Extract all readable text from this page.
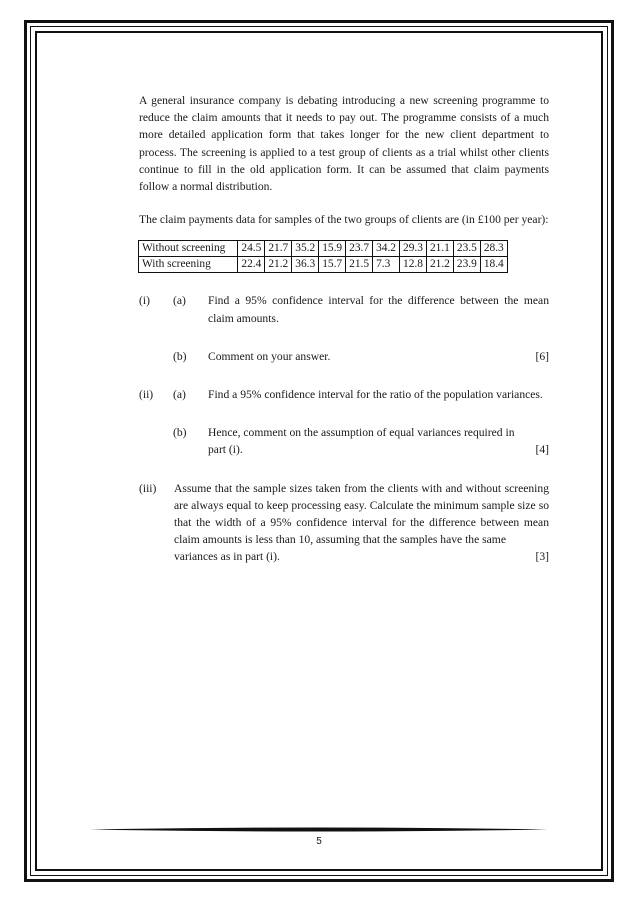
A general insurance company is debating introducing a new screening programme to reduce the claim amounts that it needs to pay out. The programme consists of a much more detailed application form that takes longer for the new client department to process. The screening is applied to a test group of clients as a trial whilst other clients continue to fill in the old application form. It can be assumed that claim payments follow a normal distribution.

The claim payments data for samples of the two groups of clients are (in £100 per year):

Without screening	24.5	21.7	35.2	15.9	23.7	34.2	29.3	21.1	23.5	28.3
With screening	22.4	21.2	36.3	15.7	21.5	7.3	12.8	21.2	23.9	18.4
(i) (a) Find a 95% confidence interval for the difference between the mean claim amounts.
(b) Comment on your answer.	[6]
(ii) (a) Find a 95% confidence interval for the ratio of the population variances.
(b) Hence, comment on the assumption of equal variances required in
part (i).	[4]
(iii) Assume that the sample sizes taken from the clients with and without screening are always equal to keep processing easy. Calculate the minimum sample size so that the width of a 95% confidence interval for the difference between mean claim amounts is less than 10, assuming that the samples have the same
variances as in part (i).	[3]
5
